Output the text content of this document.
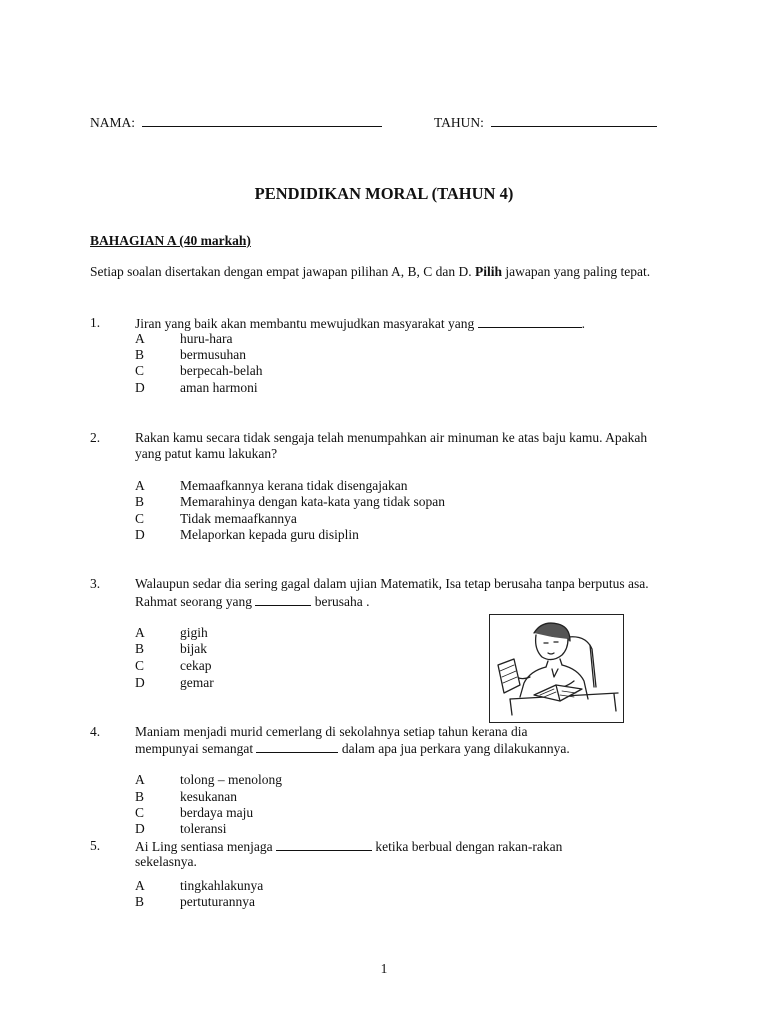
NAMA:	TAHUN:
PENDIDIKAN MORAL (TAHUN 4)
BAHAGIAN A (40 markah)
Setiap soalan disertakan dengan empat jawapan pilihan A, B, C dan D. Pilih jawapan yang paling tepat.
1.	Jiran yang baik akan membantu mewujudkan masyarakat yang	.
A	huru-hara
B	bermusuhan
C	berpecah-belah
D	aman harmoni
2.	Rakan kamu secara tidak sengaja telah menumpahkan air minuman ke atas baju kamu. Apakah
yang patut kamu lakukan?
A	Memaafkannya kerana tidak disengajakan
B	Memarahinya dengan kata-kata yang tidak sopan
C	Tidak memaafkannya
D	Melaporkan kepada guru disiplin
3.	Walaupun sedar dia sering gagal dalam ujian Matematik, Isa tetap berusaha tanpa berputus asa.
Rahmat seorang yang	berusaha .
A	gigih
B	bijak
C	cekap
D	gemar
4.	Maniam menjadi murid cemerlang di sekolahnya setiap tahun kerana dia
mempunyai semangat	dalam apa jua perkara yang dilakukannya.
A	tolong – menolong
B	kesukanan
C	berdaya maju
D	toleransi
5.	Ai Ling sentiasa menjaga	ketika berbual dengan rakan-rakan
sekelasnya.
A	tingkahlakunya
B	pertuturannya
1
